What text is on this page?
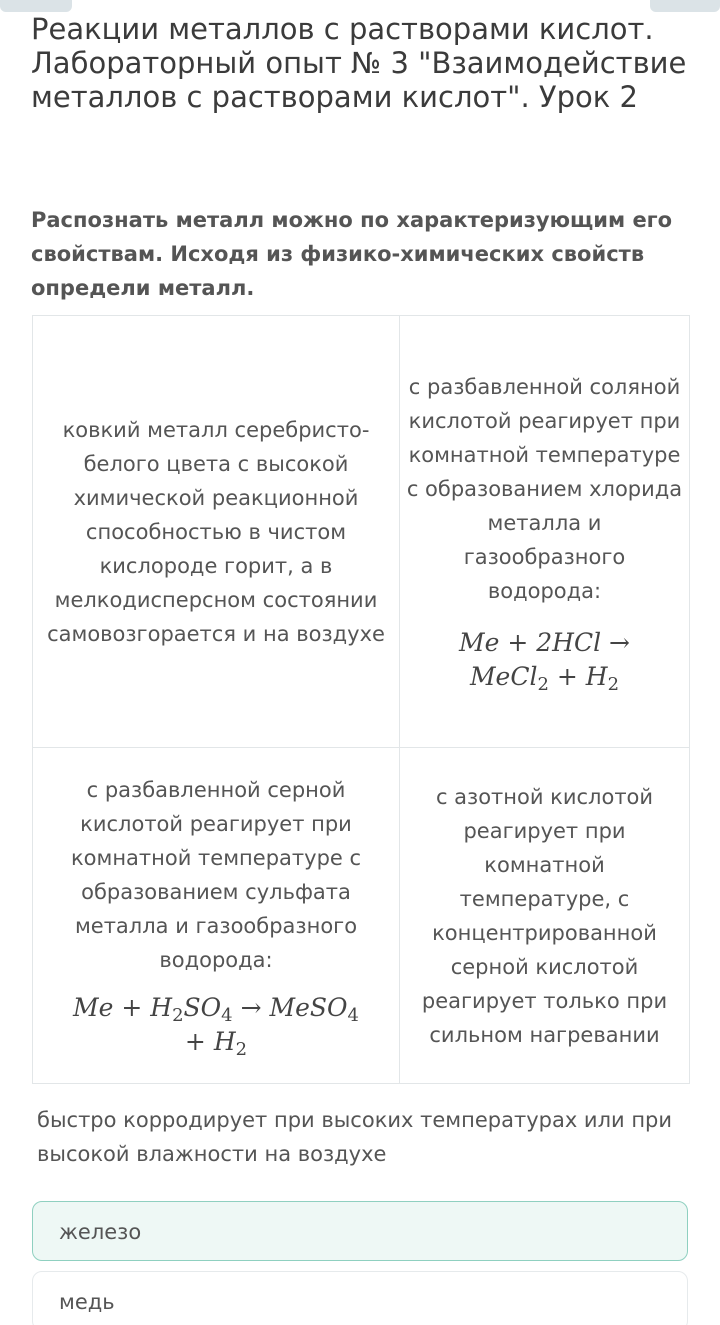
Реакции металлов с растворами кислот. Лабораторный опыт № 3 "Взаимодействие металлов с растворами кислот". Урок 2

Распознать металл можно по характеризующим его свойствам. Исходя из физико-химических свойств определи металл.

ковкий металл серебристо-белого цвета с высокой химической реакционной способностью в чистом кислороде горит, а в мелкодисперсном состоянии самовозгорается и на воздухе	с разбавленной соляной кислотой реагирует при комнатной температуре с образованием хлорида металла и газообразного водорода:
Me + 2HCl →
MeCl$_2$ + $H_2$

с разбавленной серной кислотой реагирует при комнатной температуре с образованием сульфата металла и газообразного водорода:
$Me + H_2SO_4$ → MeSO$_4$
+ $H_2$	с азотной кислотой реагирует при комнатной температуре, с концентрированной серной кислотой реагирует только при сильном нагревании

быстро корродирует при высоких температурах или при высокой влажности на воздухе

железо
медь
